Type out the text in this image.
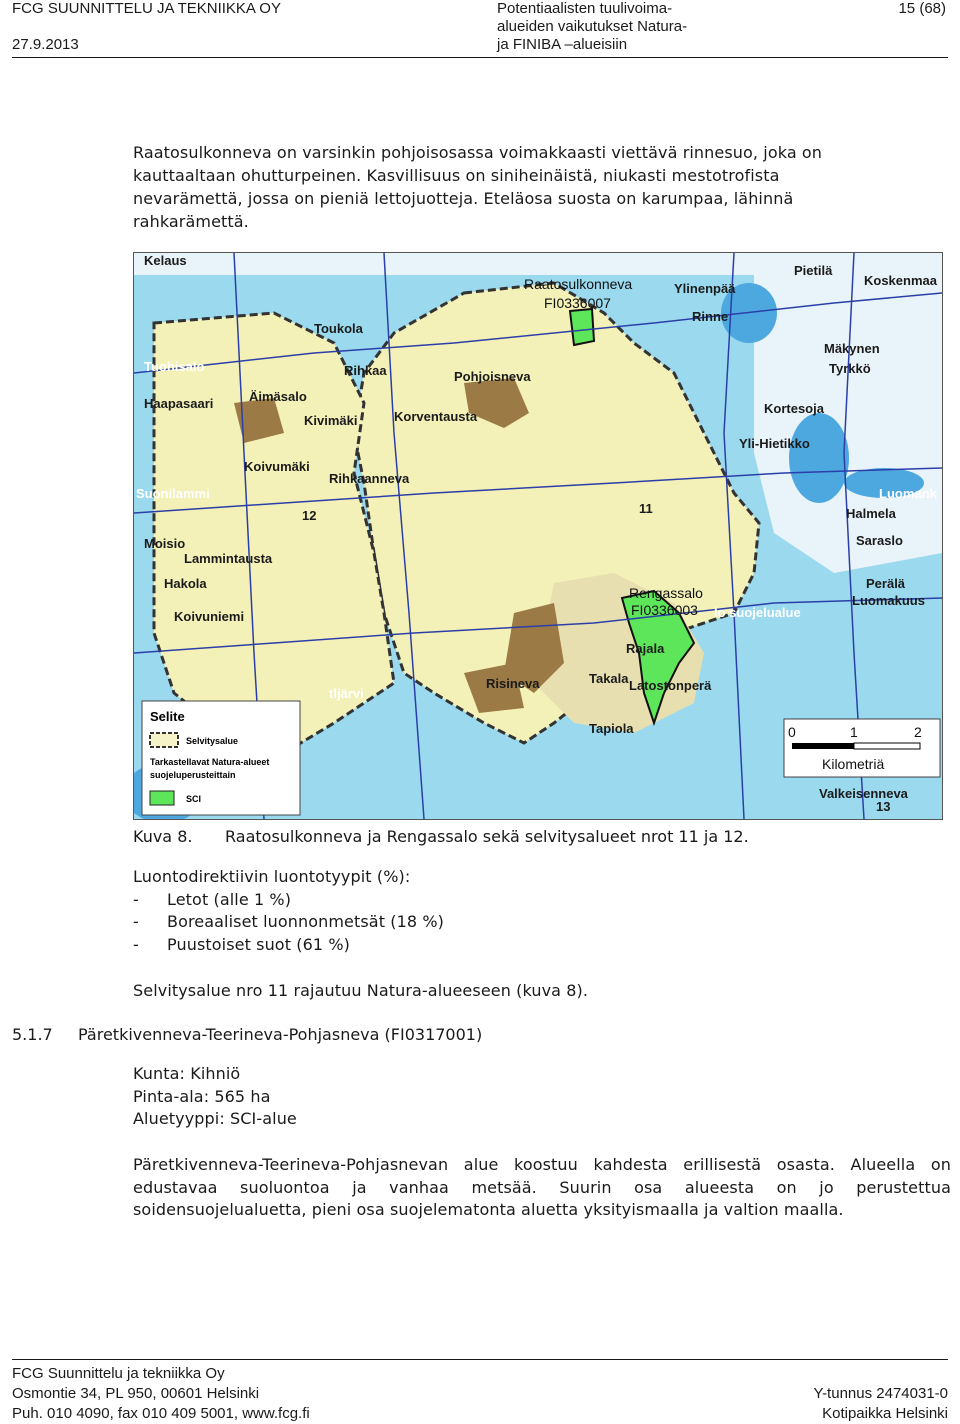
FCG SUUNNITTELU JA TEKNIIKKA OY
27.9.2013
Potentiaalisten tuulivoima-
alueiden vaikutukset Natura-
ja FINIBA –alueisiin
15 (68)
Raatosulkonneva on varsinkin pohjoisosassa voimakkaasti viettävä rinnesuo, joka on
kauttaaltaan ohutturpeinen. Kasvillisuus on siniheinäistä, niukasti mestotrofista
nevarämettä, jossa on pieniä lettojuotteja. Eteläosa suosta on karumpaa, lähinnä
rahkarämettä.
Kelaus
Toukola
Tuohisalo	Rihkaa	Pohjoisneva
Haapasaari	Äimäsalo
Kivimäki	Korventausta
Koivumäki
Rihkaanneva
Suonilammi
Moisio
Lammintausta
Hakola
Koivuniemi
12	11
13
Pietilä
Koskenmaa
Ylinenpää
Rinne
Mäkynen
Tyrkkö
Kortesoja
Yli-Hietikko
Luomank
Halmela
Saraslo
Perälä
Luomakuus
Rajala
Takala
Risineva	Latostonperä
Tapiola
Valkeisenneva
tljärvi
Raatosulkonneva
FI0336007
Rengassalo
FI0336003 lo suojelualue
Selite
Selvitysalue
Tarkastellavat Natura-alueet
suojeluperusteittain
SCI
0	1	2
Kilometriä
Kuva 8. Raatosulkonneva ja Rengassalo sekä selvitysalueet nrot 11 ja 12.
Luontodirektiivin luontotyypit (%):
- Letot (alle 1 %)
- Boreaaliset luonnonmetsät (18 %)
- Puustoiset suot (61 %)
Selvitysalue nro 11 rajautuu Natura-alueeseen (kuva 8).
5.1.7 Päretkivenneva-Teerineva-Pohjasneva (FI0317001)
Kunta: Kihniö
Pinta-ala: 565 ha
Aluetyyppi: SCI-alue
Päretkivenneva-Teerineva-Pohjasnevan alue koostuu kahdesta erillisestä osasta. Alueella on edustavaa suoluontoa ja vanhaa metsää. Suurin osa alueesta on jo perustettua soidensuojelualuetta, pieni osa suojelematonta aluetta yksityismaalla ja valtion maalla.
FCG Suunnittelu ja tekniikka Oy
Osmontie 34, PL 950, 00601 Helsinki
Puh. 010 4090, fax 010 409 5001, www.fcg.fi
Y-tunnus 2474031-0
Kotipaikka Helsinki
